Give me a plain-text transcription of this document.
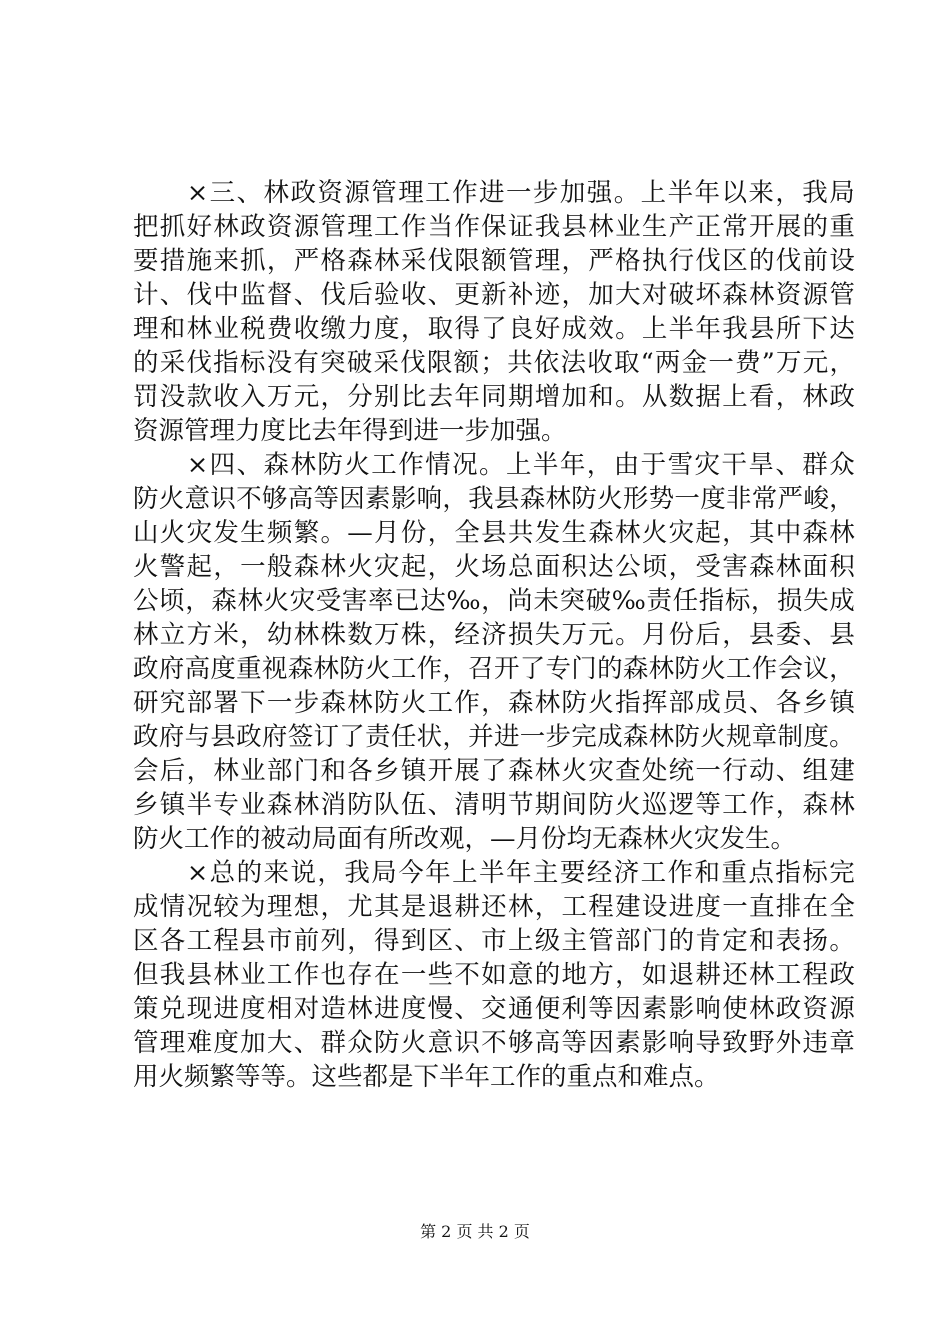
× 三 、 林 政 资 源 管 理 工 作 进 一 步 加 强 。 上 半 年 以 来 ， 我 局
把 抓 好 林 政 资 源 管 理 工 作 当 作 保 证 我 县 林 业 生 产 正 常 开 展 的 重
要 措 施 来 抓 ， 严 格 森 林 采 伐 限 额 管 理 ， 严 格 执 行 伐 区 的 伐 前 设
计 、 伐 中 监 督 、 伐 后 验 收 、 更 新 补 迹 ， 加 大 对 破 坏 森 林 资 源 管
理 和 林 业 税 费 收 缴 力 度 ， 取 得 了 良 好 成 效 。 上 半 年 我 县 所 下 达
的 采 伐 指 标 没 有 突 破 采 伐 限 额 ； 共 依 法 收 取 “ 两 金 一 费 ” 万 元 ，
罚 没 款 收 入 万 元 ， 分 别 比 去 年 同 期 增 加 和 。 从 数 据 上 看 ， 林 政
资源管理力度比去年得到进一步加强。

× 四 、 森 林 防 火 工 作 情 况 。 上 半 年 ， 由 于 雪 灾 干 旱 、 群 众
防 火 意 识 不 够 高 等 因 素 影 响 ， 我 县 森 林 防 火 形 势 一 度 非 常 严 峻 ，
山 火 灾 发 生 频 繁 。 — 月 份 ， 全 县 共 发 生 森 林 火 灾 起 ， 其 中 森 林
火 警 起 ， 一 般 森 林 火 灾 起 ， 火 场 总 面 积 达 公 顷 ， 受 害 森 林 面 积
公 顷 ， 森 林 火 灾 受 害 率 已 达 ‰ ， 尚 未 突 破 ‰ 责 任 指 标 ， 损 失 成
林 立 方 米 ， 幼 林 株 数 万 株 ， 经 济 损 失 万 元 。 月 份 后 ， 县 委 、 县
政 府 高 度 重 视 森 林 防 火 工 作 ， 召 开 了 专 门 的 森 林 防 火 工 作 会 议 ，
研 究 部 署 下 一 步 森 林 防 火 工 作 ， 森 林 防 火 指 挥 部 成 员 、 各 乡 镇
政 府 与 县 政 府 签 订 了 责 任 状 ， 并 进 一 步 完 成 森 林 防 火 规 章 制 度 。
会 后 ， 林 业 部 门 和 各 乡 镇 开 展 了 森 林 火 灾 查 处 统 一 行 动 、 组 建
乡 镇 半 专 业 森 林 消 防 队 伍 、 清 明 节 期 间 防 火 巡 逻 等 工 作 ， 森 林
防火工作的被动局面有所改观，—月份均无森林火灾发生。

× 总 的 来 说 ， 我 局 今 年 上 半 年 主 要 经 济 工 作 和 重 点 指 标 完
成 情 况 较 为 理 想 ， 尤 其 是 退 耕 还 林 ， 工 程 建 设 进 度 一 直 排 在 全
区 各 工 程 县 市 前 列 ， 得 到 区 、 市 上 级 主 管 部 门 的 肯 定 和 表 扬 。
但 我 县 林 业 工 作 也 存 在 一 些 不 如 意 的 地 方 ， 如 退 耕 还 林 工 程 政
策 兑 现 进 度 相 对 造 林 进 度 慢 、 交 通 便 利 等 因 素 影 响 使 林 政 资 源
管 理 难 度 加 大 、 群 众 防 火 意 识 不 够 高 等 因 素 影 响 导 致 野 外 违 章
用火频繁等等。这些都是下半年工作的重点和难点。
第 2 页 共 2 页
